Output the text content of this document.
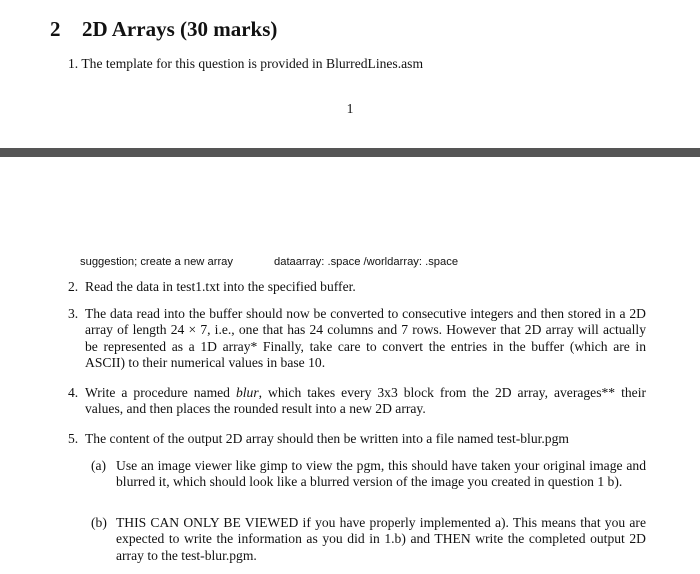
2 2D Arrays (30 marks)
1. The template for this question is provided in BlurredLines.asm
1
suggestion; create a new array	dataarray: .space /worldarray: .space
2. Read the data in test1.txt into the specified buffer.
3. The data read into the buffer should now be converted to consecutive integers and then stored in a 2D array of length 24 × 7, i.e., one that has 24 columns and 7 rows. However that 2D array will actually be represented as a 1D array* Finally, take care to convert the entries in the buffer (which are in ASCII) to their numerical values in base 10.
4. Write a procedure named blur, which takes every 3x3 block from the 2D array, averages** their values, and then places the rounded result into a new 2D array.
5. The content of the output 2D array should then be written into a file named test-blur.pgm
(a) Use an image viewer like gimp to view the pgm, this should have taken your original image and blurred it, which should look like a blurred version of the image you created in question 1 b).
(b) THIS CAN ONLY BE VIEWED if you have properly implemented a). This means that you are expected to write the information as you did in 1.b) and THEN write the completed output 2D array to the test-blur.pgm.
